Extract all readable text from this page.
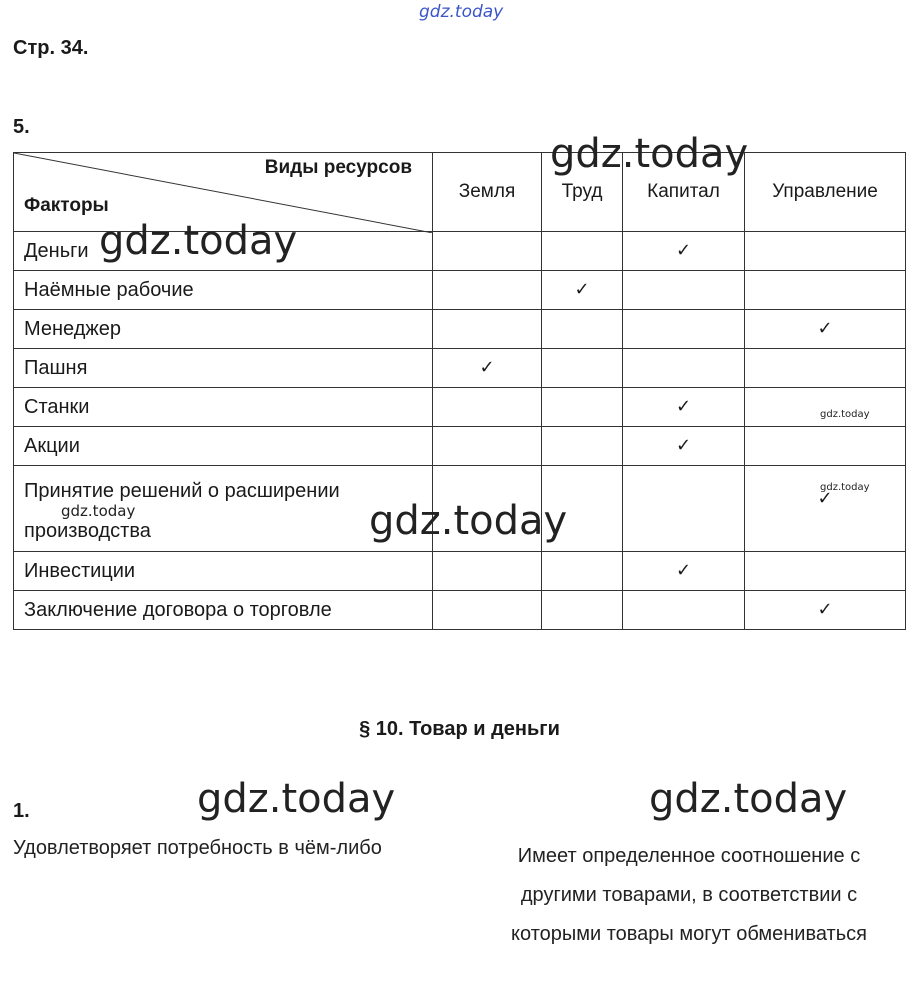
gdz.today
Стр. 34.
5.
Виды ресурсов
Факторы	Земля	Труд	Капитал	Управление
Деньги			✓	
Наёмные рабочие		✓		
Менеджер				✓
Пашня	✓			
Станки			✓	
Акции			✓	
Принятие решений о расширении производства				✓
Инвестиции			✓	
Заключение договора о торговле				✓
gdz.today
gdz.today
gdz.today
gdz.today
gdz.today	gdz.today
§ 10. Товар и деньги
1.	gdz.today	gdz.today
Удовлетворяет потребность в чём-либо	Имеет определенное соотношение с
другими товарами, в соответствии с
которыми товары могут обмениваться
